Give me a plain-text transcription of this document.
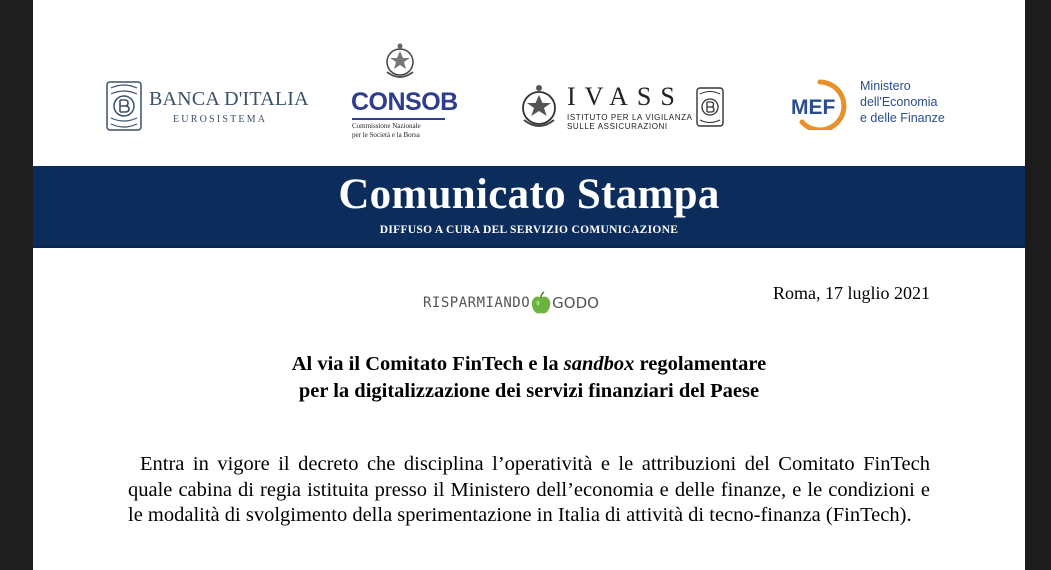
BANCA D'ITALIA
EUROSISTEMA
CONSOB
Commissione Nazionale
per le Società e la Borsa
IVASS
ISTITUTO PER LA VIGILANZA
SULLE ASSICURAZIONI
MEF
Ministero
dell'Economia
e delle Finanze
Comunicato Stampa
DIFFUSO A CURA DEL SERVIZIO COMUNICAZIONE
RISPARMIANDO GODO	Roma, 17 luglio 2021
Al via il Comitato FinTech e la sandbox regolamentare
per la digitalizzazione dei servizi finanziari del Paese
Entra in vigore il decreto che disciplina l’operatività e le attribuzioni del Comitato FinTech quale cabina di regia istituita presso il Ministero dell’economia e delle finanze, e le condizioni e le modalità di svolgimento della sperimentazione in Italia di attività di tecno-finanza (FinTech).
